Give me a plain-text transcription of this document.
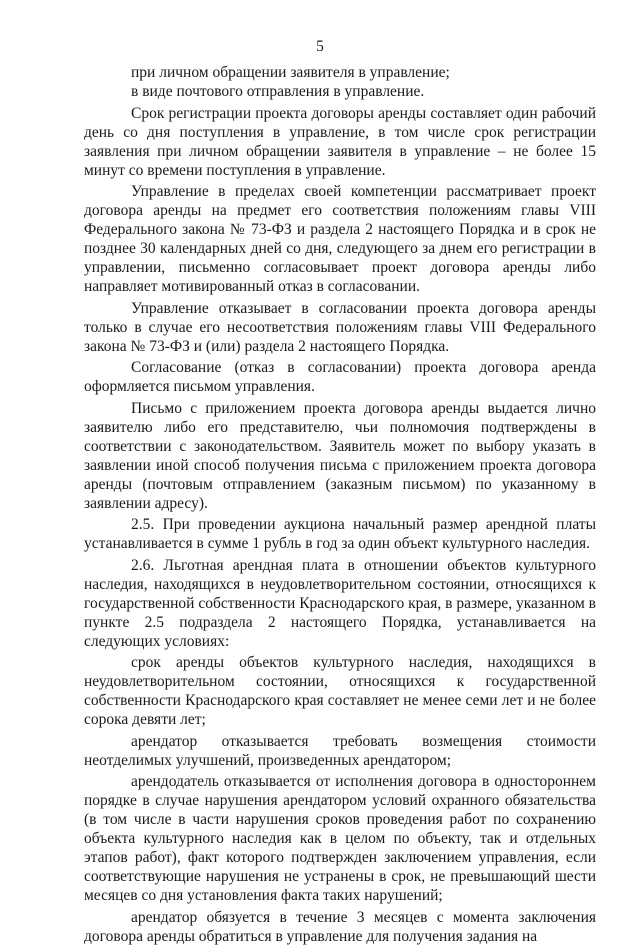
5

при личном обращении заявителя в управление;

в виде почтового отправления в управление.

Срок регистрации проекта договоры аренды составляет один рабочий день со дня поступления в управление, в том числе срок регистрации заявления при личном обращении заявителя в управление – не более 15 минут со времени поступления в управление.

Управление в пределах своей компетенции рассматривает проект договора аренды на предмет его соответствия положениям главы VIII Федерального закона № 73-ФЗ и раздела 2 настоящего Порядка и в срок не позднее 30 календарных дней со дня, следующего за днем его регистрации в управлении, письменно согласовывает проект договора аренды либо направляет мотивированный отказ в согласовании.

Управление отказывает в согласовании проекта договора аренды только в случае его несоответствия положениям главы VIII Федерального закона № 73-ФЗ и (или) раздела 2 настоящего Порядка.

Согласование (отказ в согласовании) проекта договора аренда оформляется письмом управления.

Письмо с приложением проекта договора аренды выдается лично заявителю либо его представителю, чьи полномочия подтверждены в соответствии с законодательством. Заявитель может по выбору указать в заявлении иной способ получения письма с приложением проекта договора аренды (почтовым отправлением (заказным письмом) по указанному в заявлении адресу).

2.5. При проведении аукциона начальный размер арендной платы устанавливается в сумме 1 рубль в год за один объект культурного наследия.

2.6. Льготная арендная плата в отношении объектов культурного наследия, находящихся в неудовлетворительном состоянии, относящихся к государственной собственности Краснодарского края, в размере, указанном в пункте 2.5 подраздела 2 настоящего Порядка, устанавливается на следующих условиях:

срок аренды объектов культурного наследия, находящихся в неудовлетворительном состоянии, относящихся к государственной собственности Краснодарского края составляет не менее семи лет и не более сорока девяти лет;

арендатор отказывается требовать возмещения стоимости неотделимых улучшений, произведенных арендатором;

арендодатель отказывается от исполнения договора в одностороннем порядке в случае нарушения арендатором условий охранного обязательства (в том числе в части нарушения сроков проведения работ по сохранению объекта культурного наследия как в целом по объекту, так и отдельных этапов работ), факт которого подтвержден заключением управления, если соответствующие нарушения не устранены в срок, не превышающий шести месяцев со дня установления факта таких нарушений;

арендатор обязуется в течение 3 месяцев с момента заключения договора аренды обратиться в управление для получения задания на
